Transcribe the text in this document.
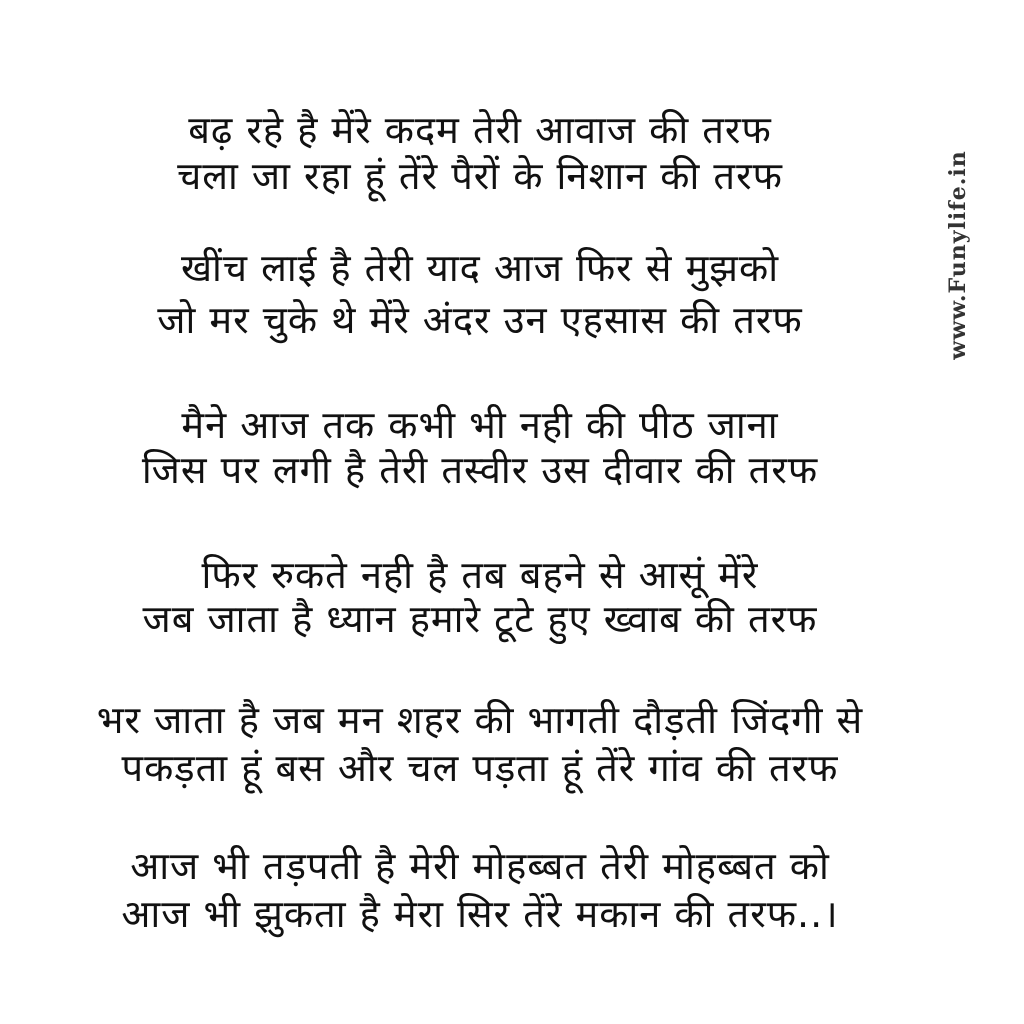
बढ़ रहे है मेंरे कदम तेरी आवाज की तरफ
चला जा रहा हूं तेंरे पैरों के निशान की तरफ
खींच लाई है तेरी याद आज फिर से मुझको
जो मर चुके थे मेंरे अंदर उन एहसास की तरफ
मैने आज तक कभी भी नही की पीठ जाना
जिस पर लगी है तेरी तस्वीर उस दीवार की तरफ
फिर रुकते नही है तब बहने से आसूं मेंरे
जब जाता है ध्यान हमारे टूटे हुए ख्वाब की तरफ
भर जाता है जब मन शहर की भागती दौड़ती जिंदगी से
पकड़ता हूं बस और चल पड़ता हूं तेंरे गांव की तरफ
आज भी तड़पती है मेरी मोहब्बत तेरी मोहब्बत को
आज भी झुकता है मेरा सिर तेंरे मकान की तरफ..।
www.Funylife.in
